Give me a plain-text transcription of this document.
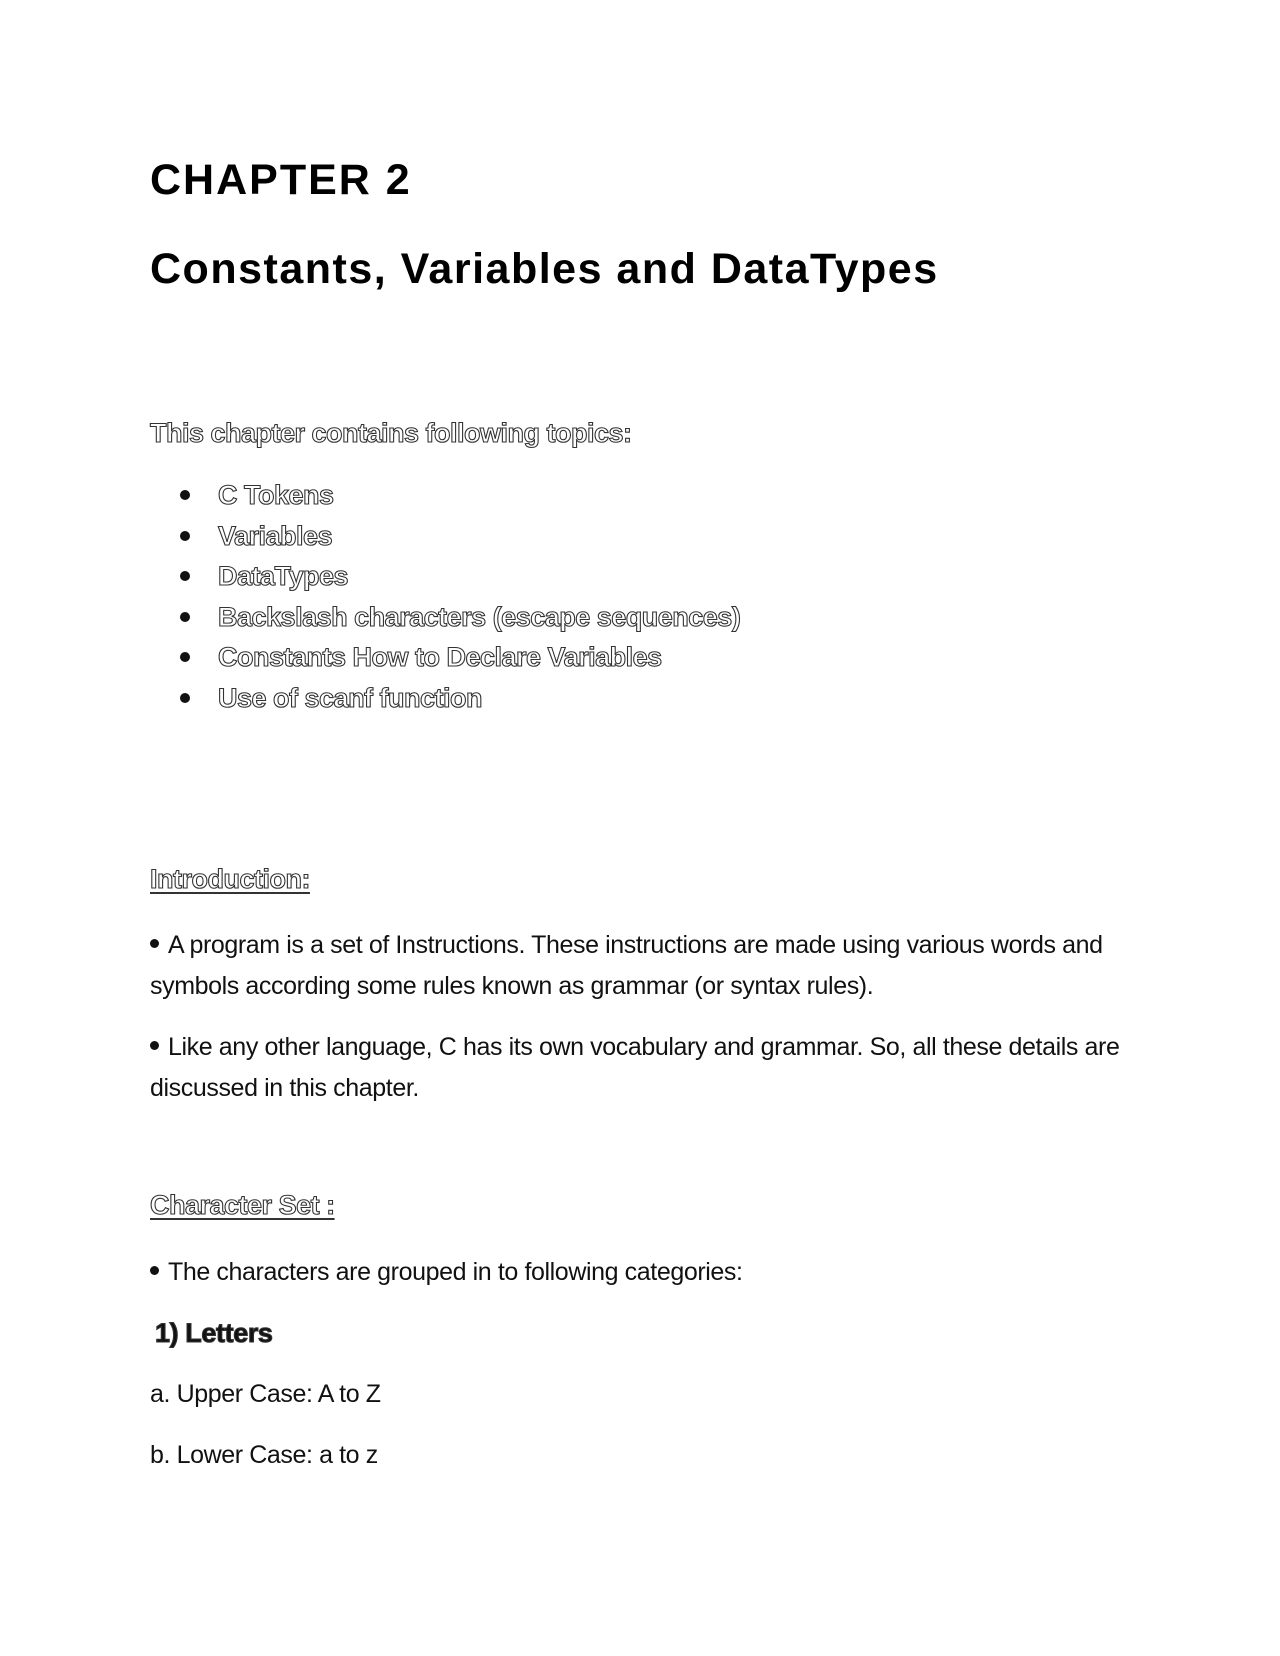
CHAPTER 2
Constants, Variables and DataTypes

This chapter contains following topics:

C Tokens
Variables
DataTypes
Backslash characters (escape sequences)
Constants How to Declare Variables
Use of scanf function

Introduction:

A program is a set of Instructions. These instructions are made using various words and symbols according some rules known as grammar (or syntax rules).

Like any other language, C has its own vocabulary and grammar. So, all these details are discussed in this chapter.

Character Set :

The characters are grouped in to following categories:

1) Letters

a. Upper Case: A to Z

b. Lower Case: a to z
